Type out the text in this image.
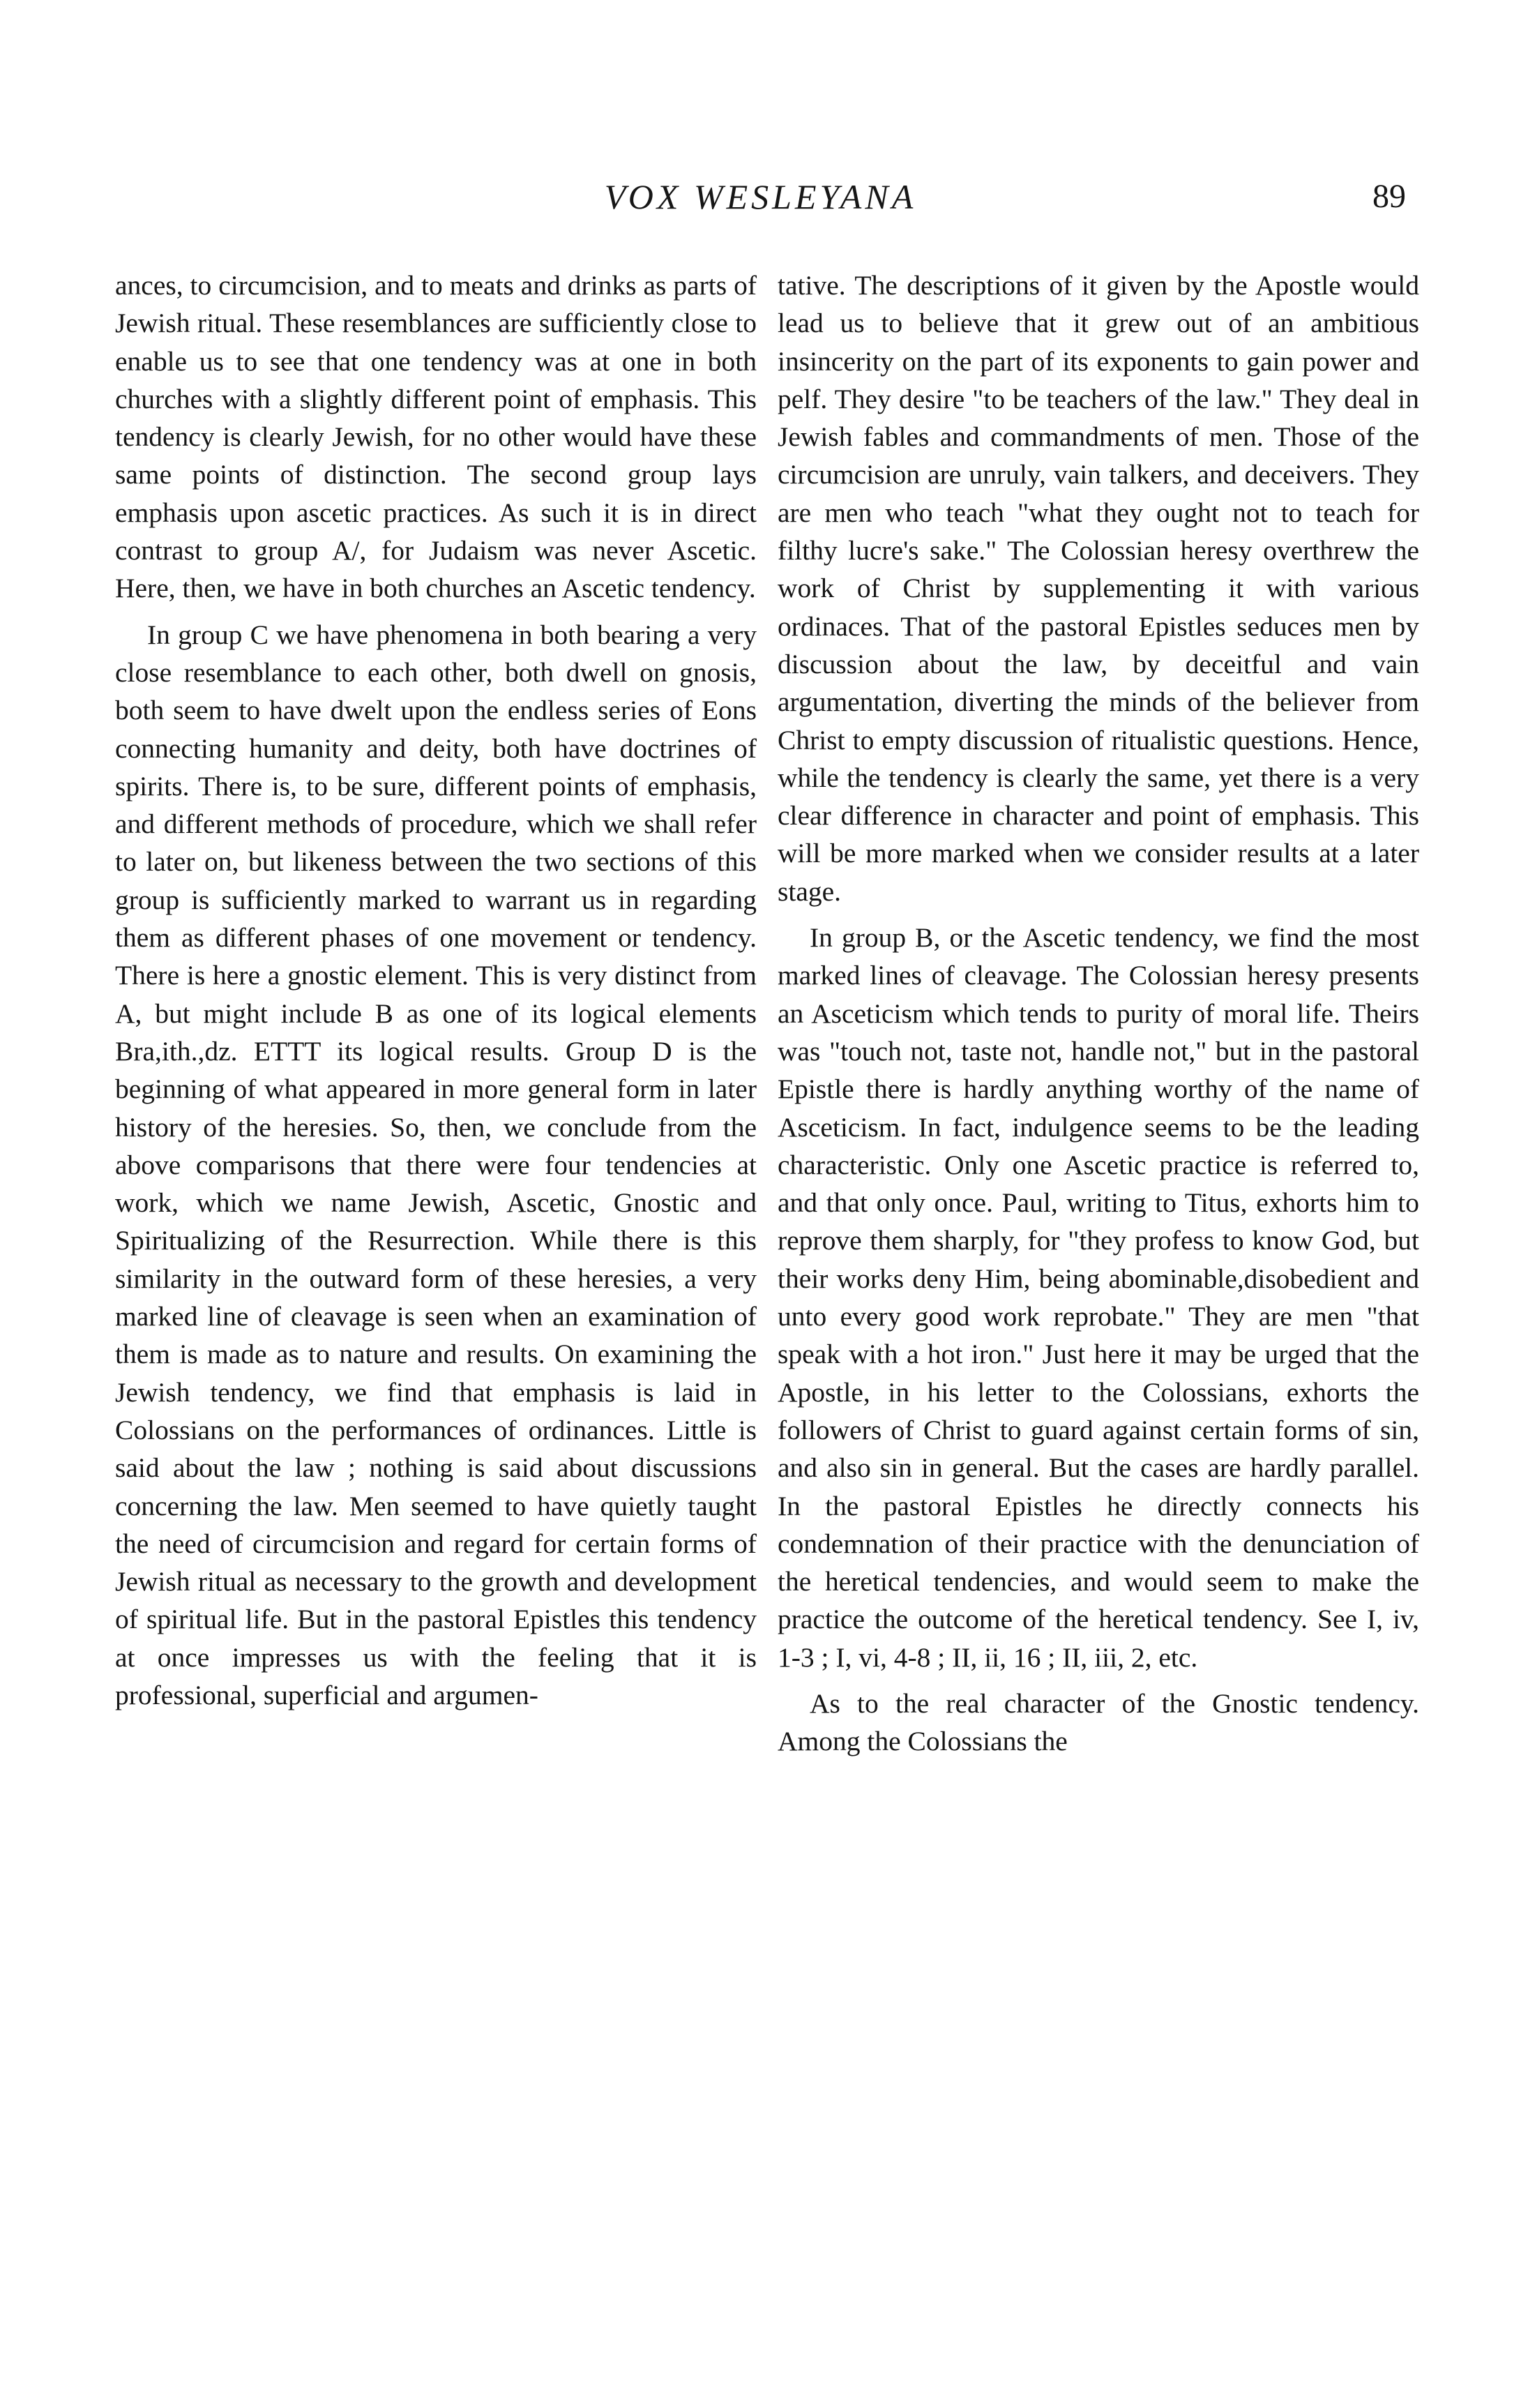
VOX WESLEYANA	89

ances, to circumcision, and to meats and drinks as parts of Jewish ritual. These resemblances are sufficiently close to enable us to see that one tendency was at one in both churches with a slightly different point of emphasis. This tendency is clearly Jewish, for no other would have these same points of distinction. The second group lays emphasis upon ascetic practices. As such it is in direct contrast to group A/, for Judaism was never Ascetic. Here, then, we have in both churches an Ascetic tendency.

In group C we have phenomena in both bearing a very close resemblance to each other, both dwell on gnosis, both seem to have dwelt upon the endless series of Eons connecting humanity and deity, both have doctrines of spirits. There is, to be sure, different points of emphasis, and different methods of procedure, which we shall refer to later on, but likeness between the two sections of this group is sufficiently marked to warrant us in regarding them as different phases of one movement or tendency. There is here a gnostic element. This is very distinct from A, but might include B as one of its logical elements Bra,ith.,dz. ETTT its logical results. Group D is the beginning of what appeared in more general form in later history of the heresies. So, then, we conclude from the above comparisons that there were four tendencies at work, which we name Jewish, Ascetic, Gnostic and Spiritualizing of the Resurrection. While there is this similarity in the outward form of these heresies, a very marked line of cleavage is seen when an examination of them is made as to nature and results. On examining the Jewish tendency, we find that emphasis is laid in Colossians on the performances of ordinances. Little is said about the law ; nothing is said about discussions concerning the law. Men seemed to have quietly taught the need of circumcision and regard for certain forms of Jewish ritual as necessary to the growth and development of spiritual life. But in the pastoral Epistles this tendency at once impresses us with the feeling that it is professional, superficial and argumen-

tative. The descriptions of it given by the Apostle would lead us to believe that it grew out of an ambitious insincerity on the part of its exponents to gain power and pelf. They desire "to be teachers of the law." They deal in Jewish fables and commandments of men. Those of the circumcision are unruly, vain talkers, and deceivers. They are men who teach "what they ought not to teach for filthy lucre's sake." The Colossian heresy overthrew the work of Christ by supplementing it with various ordinaces. That of the pastoral Epistles seduces men by discussion about the law, by deceitful and vain argumentation, diverting the minds of the believer from Christ to empty discussion of ritualistic questions. Hence, while the tendency is clearly the same, yet there is a very clear difference in character and point of emphasis. This will be more marked when we consider results at a later stage.

In group B, or the Ascetic tendency, we find the most marked lines of cleavage. The Colossian heresy presents an Asceticism which tends to purity of moral life. Theirs was "touch not, taste not, handle not," but in the pastoral Epistle there is hardly anything worthy of the name of Asceticism. In fact, indulgence seems to be the leading characteristic. Only one Ascetic practice is referred to, and that only once. Paul, writing to Titus, exhorts him to reprove them sharply, for "they profess to know God, but their works deny Him, being abominable,disobedient and unto every good work reprobate." They are men "that speak with a hot iron." Just here it may be urged that the Apostle, in his letter to the Colossians, exhorts the followers of Christ to guard against certain forms of sin, and also sin in general. But the cases are hardly parallel. In the pastoral Epistles he directly connects his condemnation of their practice with the denunciation of the heretical tendencies, and would seem to make the practice the outcome of the heretical tendency. See I, iv, 1-3 ; I, vi, 4-8 ; II, ii, 16 ; II, iii, 2, etc.

As to the real character of the Gnostic tendency. Among the Colossians the
